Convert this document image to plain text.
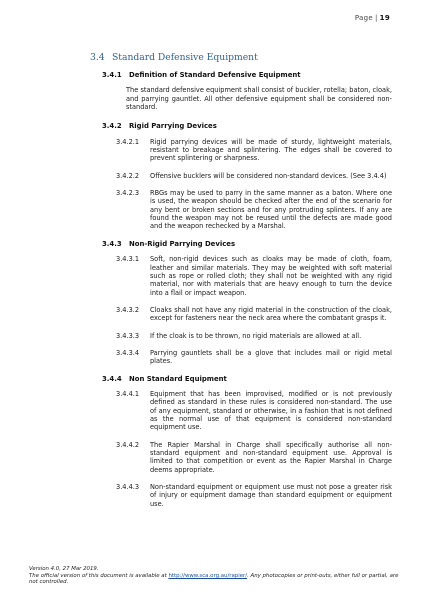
Page | 19
3.4 Standard Defensive Equipment
3.4.1 Definition of Standard Defensive Equipment
The standard defensive equipment shall consist of buckler, rotella; baton, cloak, and parrying gauntlet. All other defensive equipment shall be considered non-standard.
3.4.2 Rigid Parrying Devices
3.4.2.1	Rigid parrying devices will be made of sturdy, lightweight materials, resistant to breakage and splintering. The edges shall be covered to prevent splintering or sharpness.
3.4.2.2	Offensive bucklers will be considered non-standard devices. (See 3.4.4)
3.4.2.3	RBGs may be used to parry in the same manner as a baton. Where one is used, the weapon should be checked after the end of the scenario for any bent or broken sections and for any protruding splinters. If any are found the weapon may not be reused until the defects are made good and the weapon rechecked by a Marshal.
3.4.3 Non-Rigid Parrying Devices
3.4.3.1	Soft, non-rigid devices such as cloaks may be made of cloth, foam, leather and similar materials. They may be weighted with soft material such as rope or rolled cloth; they shall not be weighted with any rigid material, nor with materials that are heavy enough to turn the device into a flail or impact weapon.
3.4.3.2	Cloaks shall not have any rigid material in the construction of the cloak, except for fasteners near the neck area where the combatant grasps it.
3.4.3.3	If the cloak is to be thrown, no rigid materials are allowed at all.
3.4.3.4	Parrying gauntlets shall be a glove that includes mail or rigid metal plates.
3.4.4 Non Standard Equipment
3.4.4.1	Equipment that has been improvised, modified or is not previously defined as standard in these rules is considered non-standard. The use of any equipment, standard or otherwise, in a fashion that is not defined as the normal use of that equipment is considered non-standard equipment use.
3.4.4.2	The Rapier Marshal in Charge shall specifically authorise all non-standard equipment and non-standard equipment use. Approval is limited to that competition or event as the Rapier Marshal in Charge deems appropriate.
3.4.4.3	Non-standard equipment or equipment use must not pose a greater risk of injury or equipment damage than standard equipment or equipment use.
Version 4.0, 27 Mar 2019.
The official version of this document is available at http://www.sca.org.au/rapier/. Any photocopies or print-outs, either full or partial, are not controlled.
